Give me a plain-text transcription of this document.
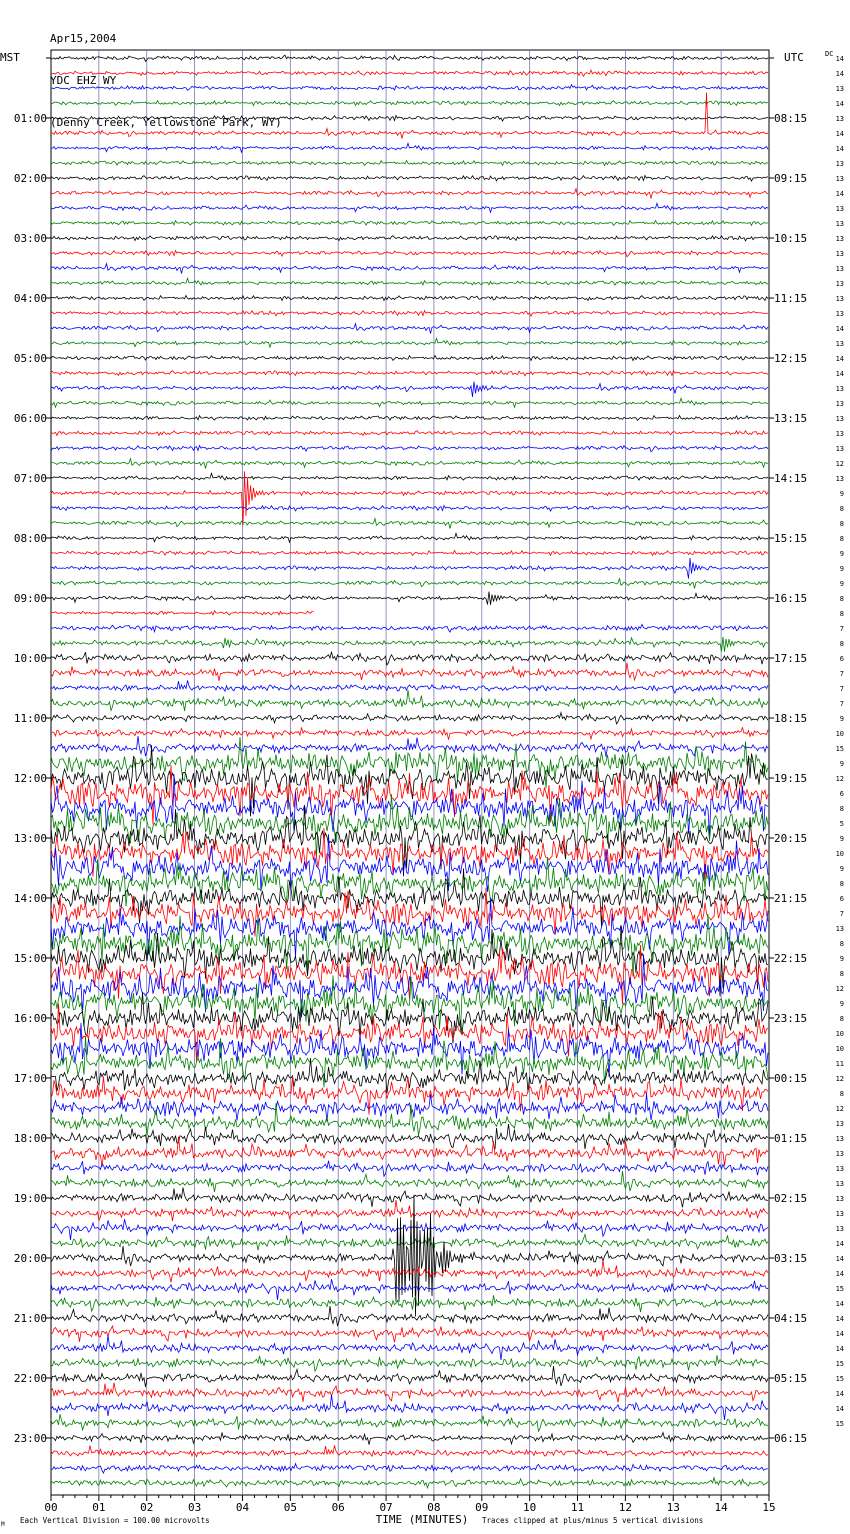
Apr15,2004

YDC EHZ WY

(Denny Creek, Yellowstone Park, WY)

MST	UTC	DC
01:00
02:00
03:00
04:00
05:00
06:00
07:00
08:00
09:00
10:00
11:00
12:00
13:00
14:00
15:00
16:00
17:00
18:00
19:00
20:00
21:00
22:00
23:00
08:15
09:15
10:15
11:15
12:15
13:15
14:15
15:15
16:15
17:15
18:15
19:15
20:15
21:15
22:15
23:15
00:15
01:15
02:15
03:15
04:15
05:15
06:15
14
14
13
14
13
14
14
13
13
14
13
13
13
13
13
13
13
13
14
13
14
14
13
13
13
13
13
12
13
9
8
8
8
9
9
9
8
8
7
8
6
7
7
7
9
10
15
9
12
6
8
5
9
10
9
8
6
7
13
8
9
8
12
9
8
10
10
11
12
8
12
13
13
13
13
13
13
13
13
14
14
14
15
14
14
14
14
15
15
14
14
15
00	01	02	03	04	05	06	07	08	09	10	11	12	13	14	15
TIME (MINUTES)
M Each Vertical Division = 100.00 microvolts	Traces clipped at plus/minus 5 vertical divisions
